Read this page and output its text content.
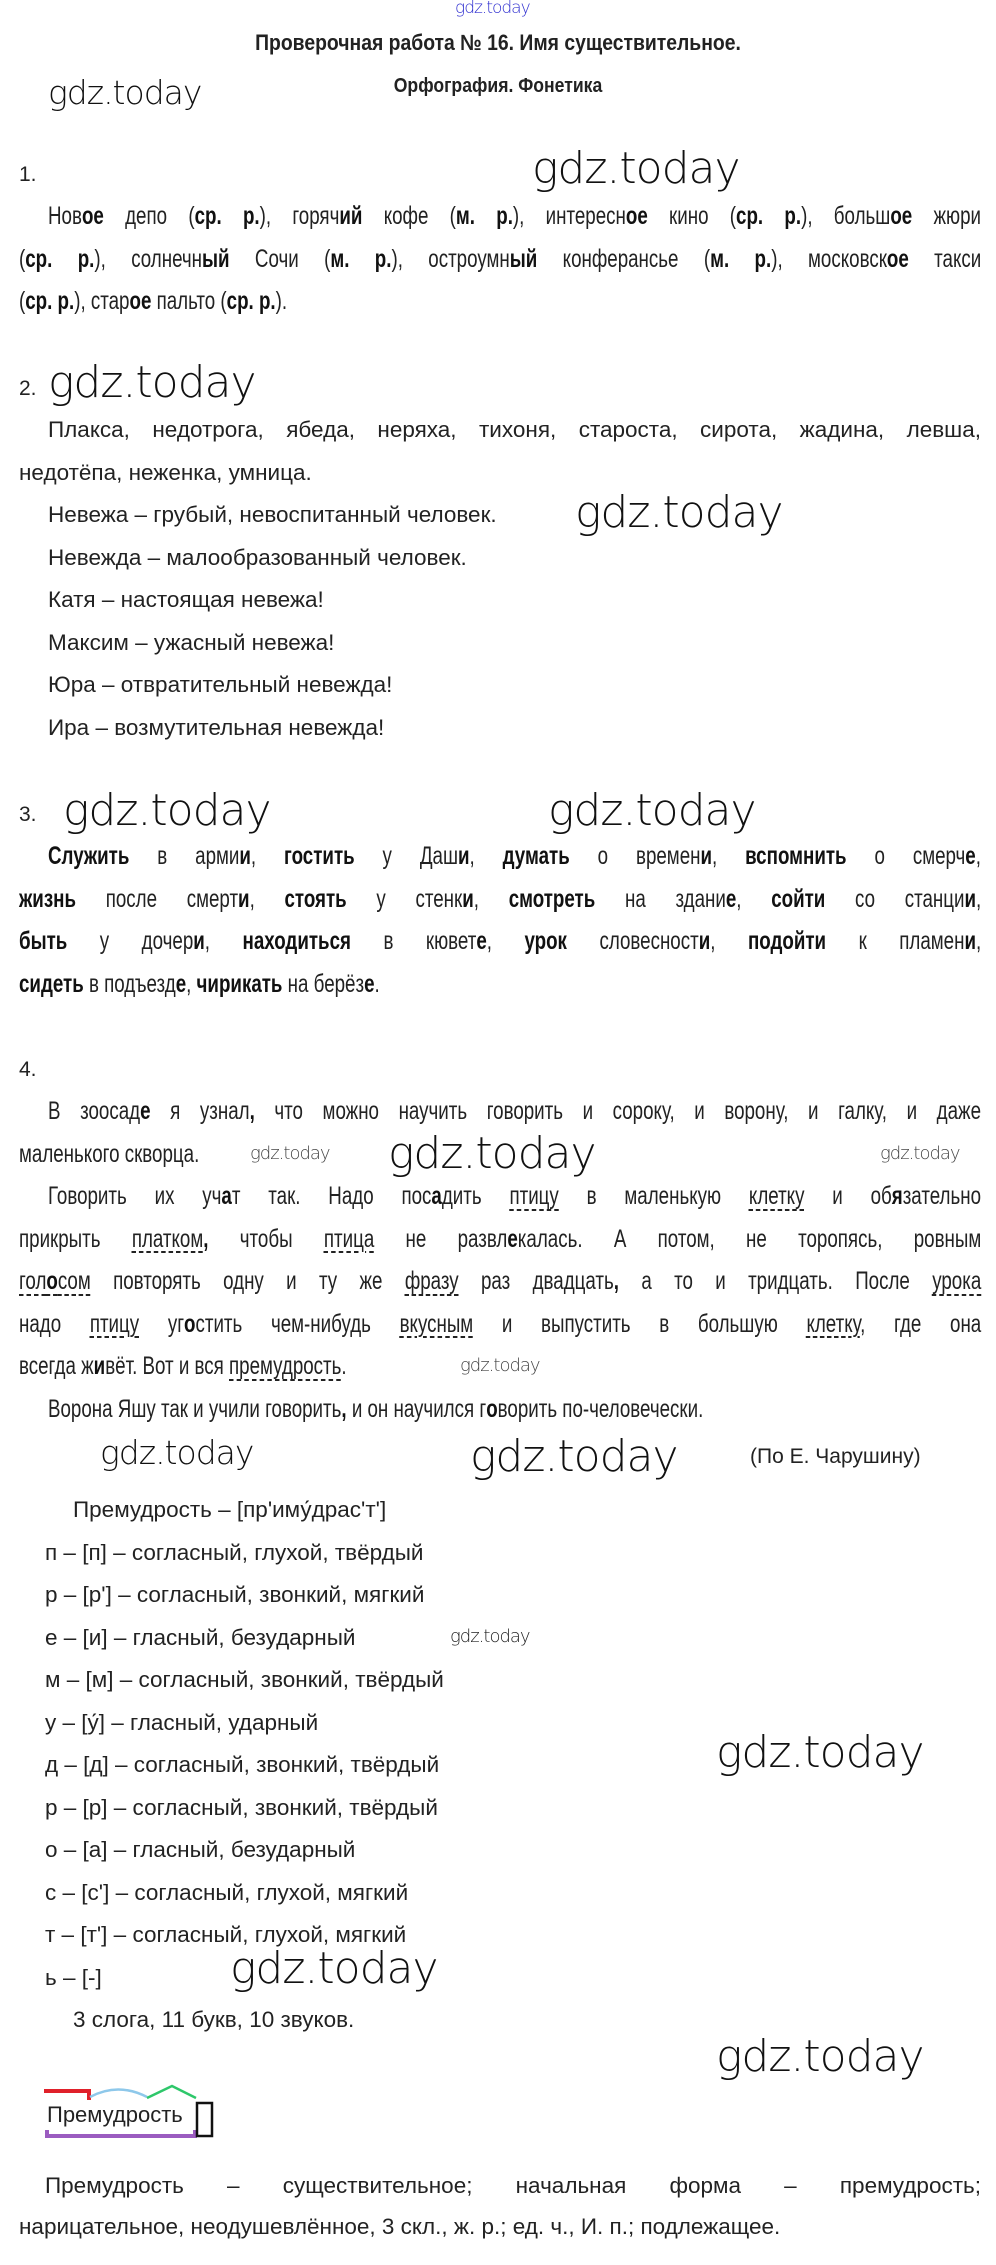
gdz.today
Проверочная работа № 16. Имя существительное.
Орфография. Фонетика
gdz.today
gdz.today
gdz.today
gdz.today
gdz.today	gdz.today
gdz.today	gdz.today
gdz.today
gdz.today
gdz.today	gdz.today
gdz.today
gdz.today
gdz.today
gdz.today
1.
2.
3.
4.
Новое депо (ср. р.), горячий кофе (м. р.), интересное кино (ср. р.), большое жюри
(ср. р.), солнечный Сочи (м. р.), остроумный конферансье (м. р.), московское такси
(ср. р.), старое пальто (ср. р.).
Плакса, недотрога, ябеда, неряха, тихоня, староста, сирота, жадина, левша,
недотёпа, неженка, умница.
Невежа – грубый, невоспитанный человек.
Невежда – малообразованный человек.
Катя – настоящая невежа!
Максим – ужасный невежа!
Юра – отвратительный невежда!
Ира – возмутительная невежда!
Служить в армии, гостить у Даши, думать о времени, вспомнить о смерче,
жизнь после смерти, стоять у стенки, смотреть на здание, сойти со станции,
быть у дочери, находиться в кювете, урок словесности, подойти к пламени,
сидеть в подъезде, чирикать на берёзе.
В зоосаде я узнал, что можно научить говорить и сороку, и ворону, и галку, и даже
маленького скворца.
Говорить их учат так. Надо посадить птицу в маленькую клетку и обязательно
прикрыть платком, чтобы птица не развлекалась. А потом, не торопясь, ровным
голосом повторять одну и ту же фразу раз двадцать, а то и тридцать. После урока
надо птицу угостить чем-нибудь вкусным и выпустить в большую клетку, где она
всегда живёт. Вот и вся премудрость.
Ворона Яшу так и учили говорить, и он научился говорить по-человечески.
(По Е. Чарушину)
Премудрость – [пр'иму́драс'т']
п – [п] – согласный, глухой, твёрдый
р – [р'] – согласный, звонкий, мягкий
е – [и] – гласный, безударный
м – [м] – согласный, звонкий, твёрдый
у – [у́] – гласный, ударный
д – [д] – согласный, звонкий, твёрдый
р – [р] – согласный, звонкий, твёрдый
о – [а] – гласный, безударный
с – [с'] – согласный, глухой, мягкий
т – [т'] – согласный, глухой, мягкий
ь – [-]
3 слога, 11 букв, 10 звуков.
Премудрость
Премудрость – существительное; начальная форма – премудрость;
нарицательное, неодушевлённое, 3 скл., ж. р.; ед. ч., И. п.; подлежащее.
